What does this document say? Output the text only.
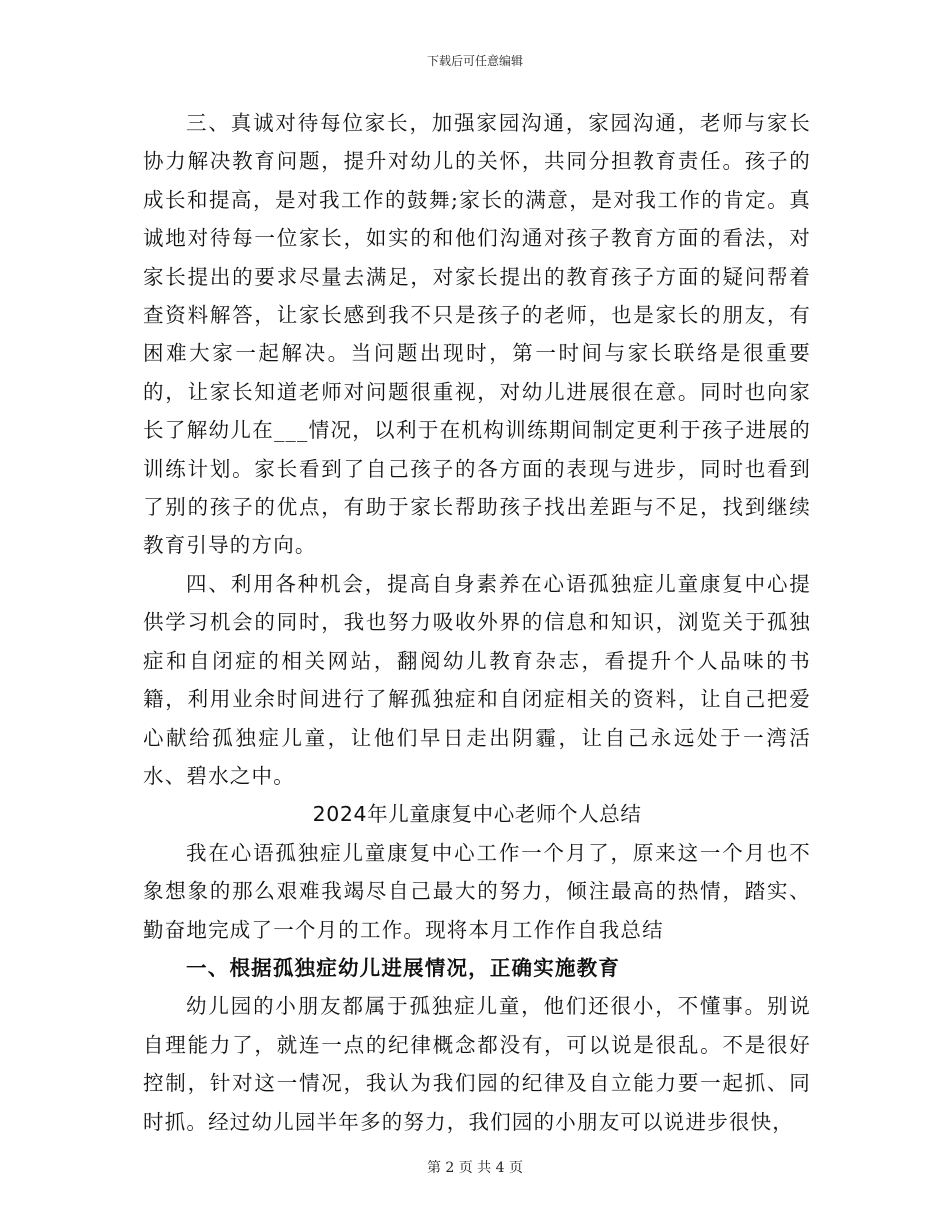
下载后可任意编辑

三、真诚对待每位家长，加强家园沟通，家园沟通，老师与家长协力解决教育问题，提升对幼儿的关怀，共同分担教育责任。孩子的成长和提高，是对我工作的鼓舞;家长的满意，是对我工作的肯定。真诚地对待每一位家长，如实的和他们沟通对孩子教育方面的看法，对家长提出的要求尽量去满足，对家长提出的教育孩子方面的疑问帮着查资料解答，让家长感到我不只是孩子的老师，也是家长的朋友，有困难大家一起解决。当问题出现时，第一时间与家长联络是很重要的，让家长知道老师对问题很重视，对幼儿进展很在意。同时也向家长了解幼儿在___情况，以利于在机构训练期间制定更利于孩子进展的训练计划。家长看到了自己孩子的各方面的表现与进步，同时也看到了别的孩子的优点，有助于家长帮助孩子找出差距与不足，找到继续教育引导的方向。

四、利用各种机会，提高自身素养在心语孤独症儿童康复中心提供学习机会的同时，我也努力吸收外界的信息和知识，浏览关于孤独症和自闭症的相关网站，翻阅幼儿教育杂志，看提升个人品味的书籍，利用业余时间进行了解孤独症和自闭症相关的资料，让自己把爱心献给孤独症儿童，让他们早日走出阴霾，让自己永远处于一湾活水、碧水之中。

2024年儿童康复中心老师个人总结

我在心语孤独症儿童康复中心工作一个月了，原来这一个月也不象想象的那么艰难我竭尽自己最大的努力，倾注最高的热情，踏实、勤奋地完成了一个月的工作。现将本月工作作自我总结

一、根据孤独症幼儿进展情况，正确实施教育

幼儿园的小朋友都属于孤独症儿童，他们还很小，不懂事。别说自理能力了，就连一点的纪律概念都没有，可以说是很乱。不是很好控制，针对这一情况，我认为我们园的纪律及自立能力要一起抓、同时抓。经过幼儿园半年多的努力，我们园的小朋友可以说进步很快，

第 2 页 共 4 页
